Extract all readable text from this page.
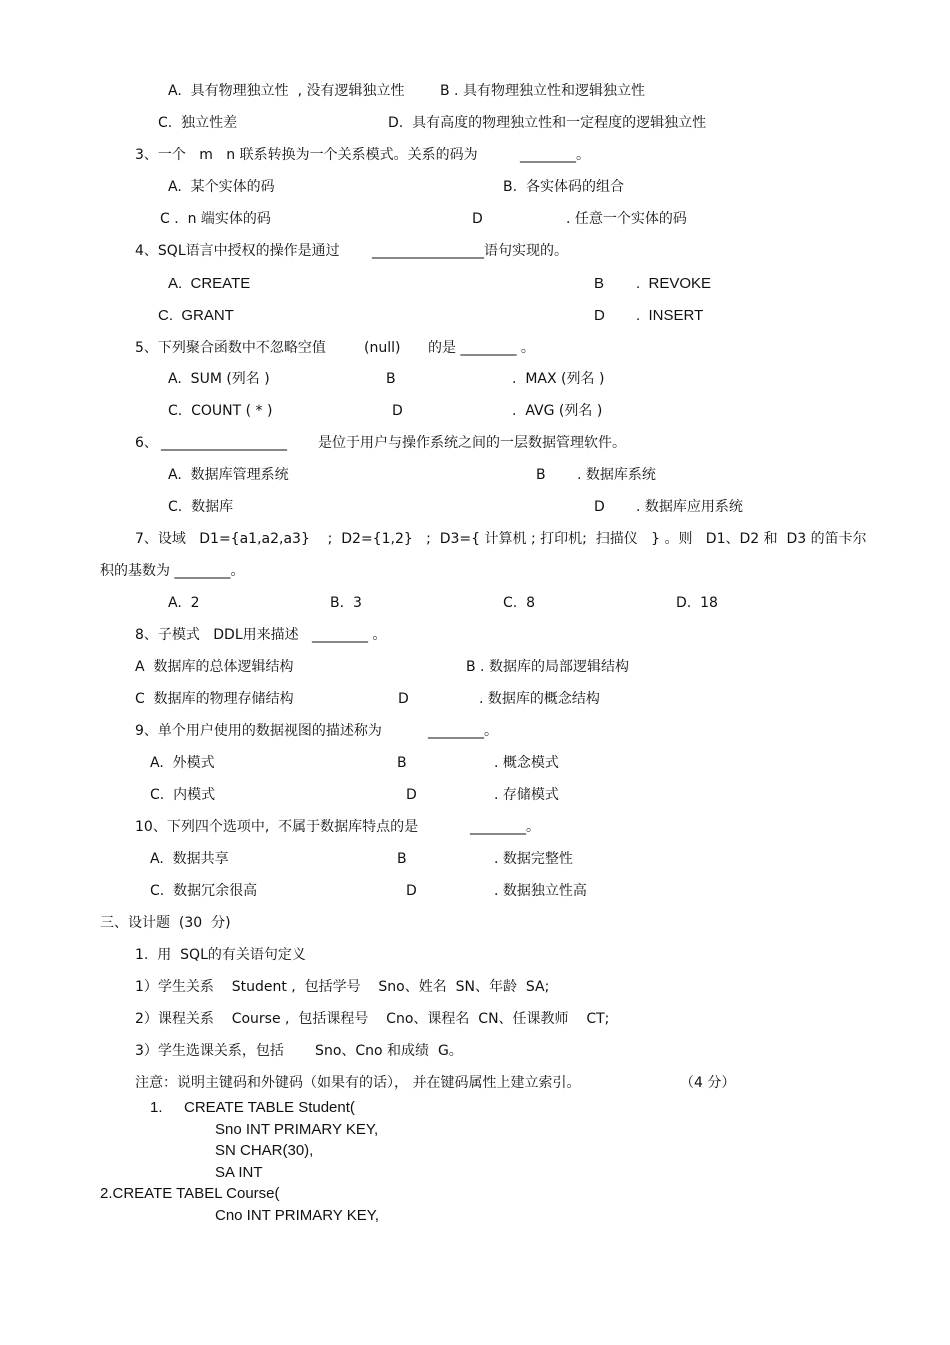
A.  具有物理独立性  , 没有逻辑独立性	B . 具有物理独立性和逻辑独立性
C.  独立性差	D.  具有高度的物理独立性和一定程度的逻辑独立性
3、一个   m   n 联系转换为一个关系模式。关系的码为	________。
A.  某个实体的码	B.  各实体码的组合
C .  n 端实体的码	D	. 任意一个实体的码
4、SQL语言中授权的操作是通过 ________________语句实现的。
A.  CREATE	B .  REVOKE
C.  GRANT	D .  INSERT
5、下列聚合函数中不忽略空值	(null) 的是 ________ 。
A.  SUM (列名 )	B	.  MAX (列名 )
C.  COUNT ( * )	D	.  AVG (列名 )
6、 __________________ 是位于用户与操作系统之间的一层数据管理软件。
A.  数据库管理系统	B . 数据库系统
C.  数据库	D . 数据库应用系统
7、设域   D1={a1,a2,a3}    ;  D2={1,2}   ;  D3={ 计算机 ; 打印机;  扫描仪   } 。则   D1、D2 和  D3 的笛卡尔
积的基数为 ________。
A.  2	B.  3	C.  8	D.  18
8、子模式   DDL用来描述   ________ 。
A  数据库的总体逻辑结构	B . 数据库的局部逻辑结构
C  数据库的物理存储结构	D	. 数据库的概念结构
9、单个用户使用的数据视图的描述称为	________。
A.  外模式	B	. 概念模式
C.  内模式	D	. 存储模式
10、下列四个选项中,  不属于数据库特点的是	________。
A.  数据共享	B	. 数据完整性
C.  数据冗余很高	D	. 数据独立性高
三、设计题  (30  分)
1.  用  SQL的有关语句定义
1）学生关系    Student ,  包括学号    Sno、姓名  SN、年龄  SA;
2）课程关系    Course ,  包括课程号    Cno、课程名  CN、任课教师    CT;
3）学生选课关系，包括       Sno、Cno 和成绩  G。
注意：说明主键码和外键码（如果有的话）， 并在键码属性上建立索引。	（4 分）
1. CREATE TABLE Student(
Sno INT PRIMARY KEY,
SN CHAR(30),
SA INT
2.CREATE TABEL Course(
Cno INT PRIMARY KEY,
